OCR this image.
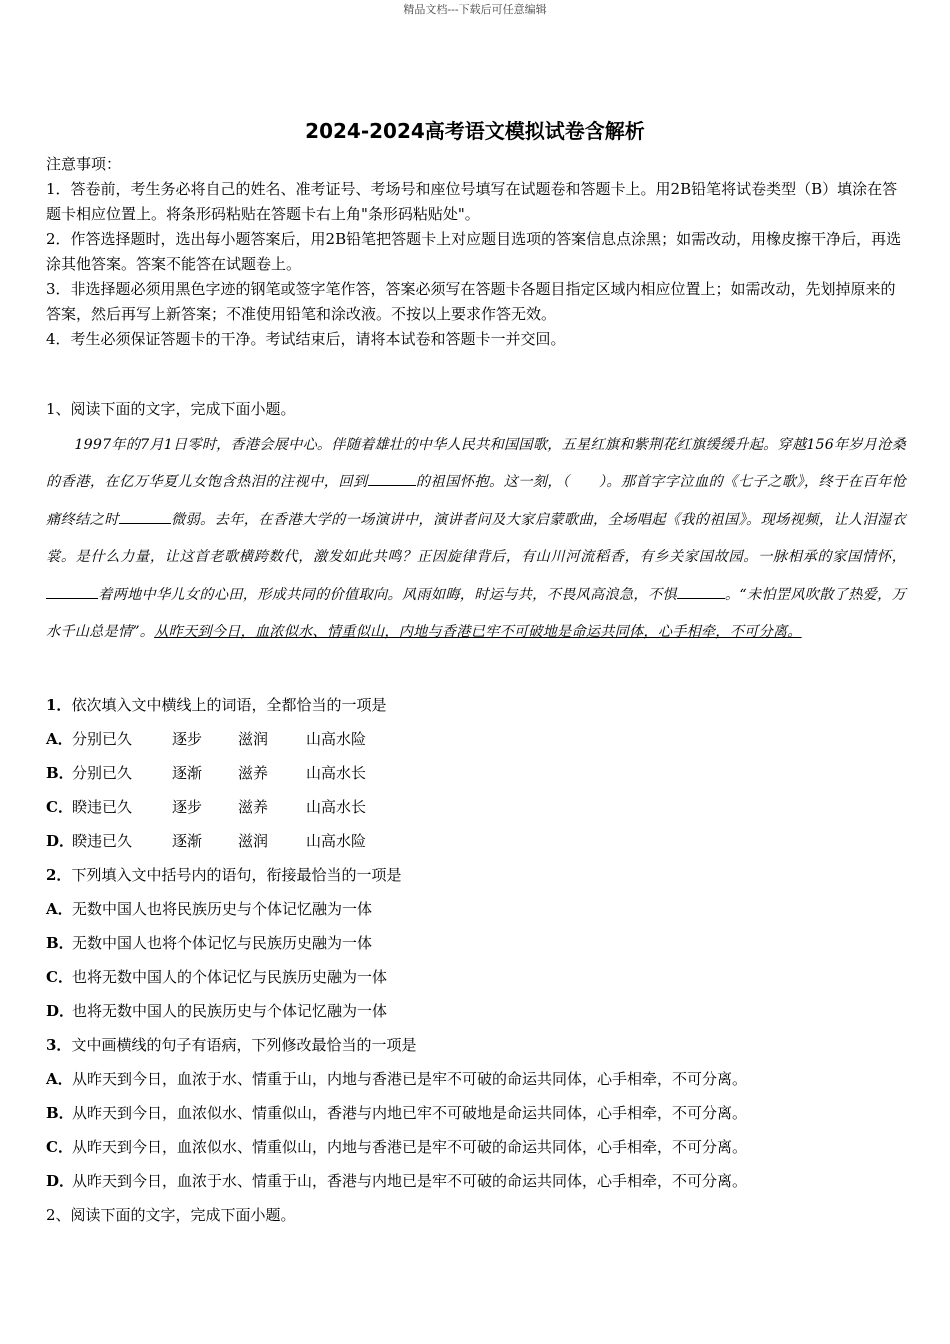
精品文档---下载后可任意编辑
2024-2024高考语文模拟试卷含解析

注意事项：

1．答卷前，考生务必将自己的姓名、准考证号、考场号和座位号填写在试题卷和答题卡上。用2B铅笔将试卷类型（B）填涂在答题卡相应位置上。将条形码粘贴在答题卡右上角"条形码粘贴处"。

2．作答选择题时，选出每小题答案后，用2B铅笔把答题卡上对应题目选项的答案信息点涂黑；如需改动，用橡皮擦干净后，再选涂其他答案。答案不能答在试题卷上。

3．非选择题必须用黑色字迹的钢笔或签字笔作答，答案必须写在答题卡各题目指定区域内相应位置上；如需改动，先划掉原来的答案，然后再写上新答案；不准使用铅笔和涂改液。不按以上要求作答无效。

4．考生必须保证答题卡的干净。考试结束后，请将本试卷和答题卡一并交回。

1、阅读下面的文字，完成下面小题。

1997年的7月1日零时，香港会展中心。伴随着雄壮的中华人民共和国国歌，五星红旗和紫荆花红旗缓缓升起。穿越156年岁月沧桑的香港，在亿万华夏儿女饱含热泪的注视中，回到	的祖国怀抱。这一刻，（　　）。那首字字泣血的《七子之歌》，终于在百年怆痛终结之时	微弱。去年，在香港大学的一场演讲中，演讲者问及大家启蒙歌曲，全场唱起《我的祖国》。现场视频，让人泪湿衣裳。是什么力量，让这首老歌横跨数代，激发如此共鸣？正因旋律背后，有山川河流稻香，有乡关家国故园。一脉相承的家国情怀，着两地中华儿女的心田，形成共同的价值取向。风雨如晦，时运与共，不畏风高浪急，不惧	。“未怕罡风吹散了热爱，万水千山总是情”。从昨天到今日，血浓似水、情重似山，内地与香港已牢不可破地是命运共同体，心手相牵，不可分离。

1．依次填入文中横线上的词语，全都恰当的一项是

A．分别已久	逐步 滋润	山高水险

B．分别已久	逐渐 滋养	山高水长

C．睽违已久	逐步 滋养	山高水长

D．睽违已久	逐渐 滋润	山高水险

2．下列填入文中括号内的语句，衔接最恰当的一项是

A．无数中国人也将民族历史与个体记忆融为一体

B．无数中国人也将个体记忆与民族历史融为一体

C．也将无数中国人的个体记忆与民族历史融为一体

D．也将无数中国人的民族历史与个体记忆融为一体

3．文中画横线的句子有语病，下列修改最恰当的一项是

A．从昨天到今日，血浓于水、情重于山，内地与香港已是牢不可破的命运共同体，心手相牵，不可分离。

B．从昨天到今日，血浓似水、情重似山，香港与内地已牢不可破地是命运共同体，心手相牵，不可分离。

C．从昨天到今日，血浓似水、情重似山，内地与香港已是牢不可破的命运共同体，心手相牵，不可分离。

D．从昨天到今日，血浓于水、情重于山，香港与内地已是牢不可破的命运共同体，心手相牵，不可分离。

2、阅读下面的文字，完成下面小题。
